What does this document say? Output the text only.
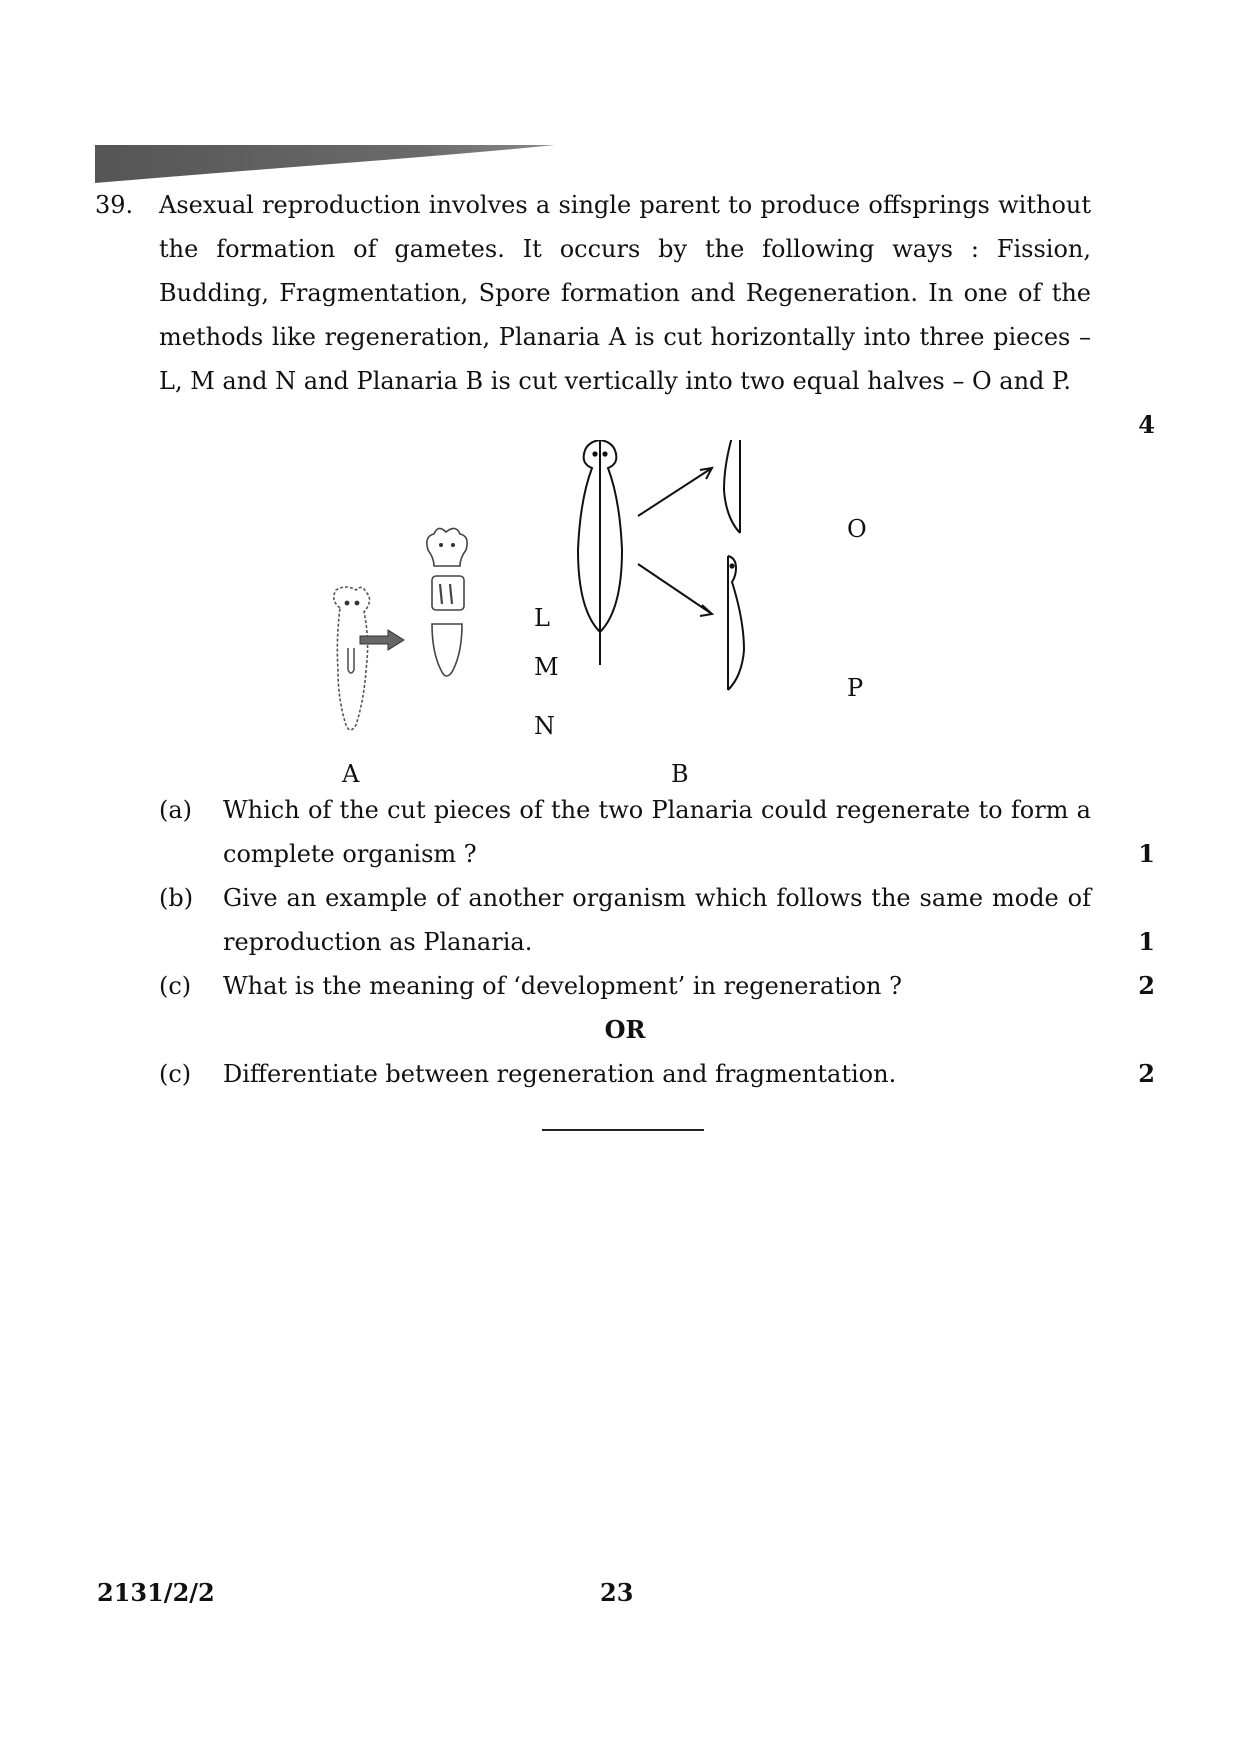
39. Asexual reproduction involves a single parent to produce offsprings without the formation of gametes. It occurs by the following ways : Fission, Budding, Fragmentation, Spore formation and Regeneration. In one of the methods like regeneration, Planaria A is cut horizontally into three pieces – L, M and N and Planaria B is cut vertically into two equal halves – O and P.
4
A	B
L
M
N
O
P
(a) Which of the cut pieces of the two Planaria could regenerate to form a complete organism ?	1
(b) Give an example of another organism which follows the same mode of reproduction as Planaria.	1
(c) What is the meaning of ‘development’ in regeneration ?	2
OR
(c) Differentiate between regeneration and fragmentation.	2
2131/2/2	23
